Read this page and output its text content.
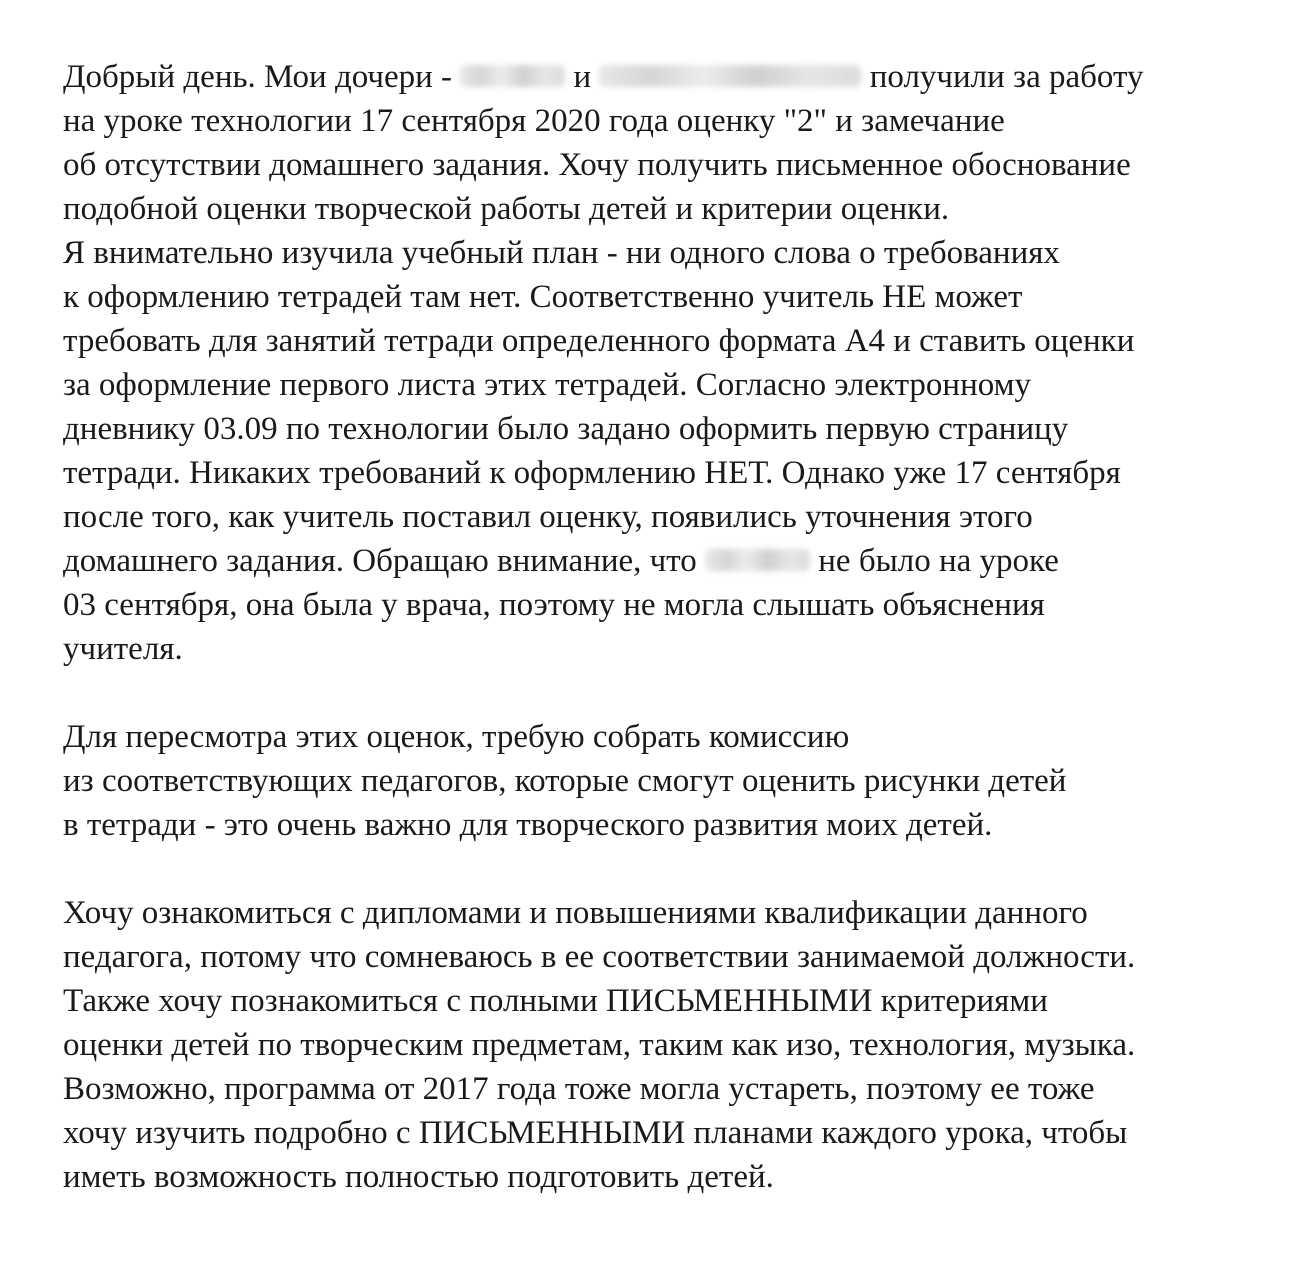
Добрый день. Мои дочери -	и	получили за работу
на уроке технологии 17 сентября 2020 года оценку "2" и замечание
об отсутствии домашнего задания. Хочу получить письменное обоснование
подобной оценки творческой работы детей и критерии оценки.
Я внимательно изучила учебный план - ни одного слова о требованиях
к оформлению тетрадей там нет. Соответственно учитель НЕ может
требовать для занятий тетради определенного формата А4 и ставить оценки
за оформление первого листа этих тетрадей. Согласно электронному
дневнику 03.09 по технологии было задано оформить первую страницу
тетради. Никаких требований к оформлению НЕТ. Однако уже 17 сентября
после того, как учитель поставил оценку, появились уточнения этого
домашнего задания. Обращаю внимание, что	не было на уроке
03 сентября, она была у врача, поэтому не могла слышать объяснения
учителя.
Для пересмотра этих оценок, требую собрать комиссию
из соответствующих педагогов, которые смогут оценить рисунки детей
в тетради - это очень важно для творческого развития моих детей.
Хочу ознакомиться с дипломами и повышениями квалификации данного
педагога, потому что сомневаюсь в ее соответствии занимаемой должности.
Также хочу познакомиться с полными ПИСЬМЕННЫМИ критериями
оценки детей по творческим предметам, таким как изо, технология, музыка.
Возможно, программа от 2017 года тоже могла устареть, поэтому ее тоже
хочу изучить подробно с ПИСЬМЕННЫМИ планами каждого урока, чтобы
иметь возможность полностью подготовить детей.
